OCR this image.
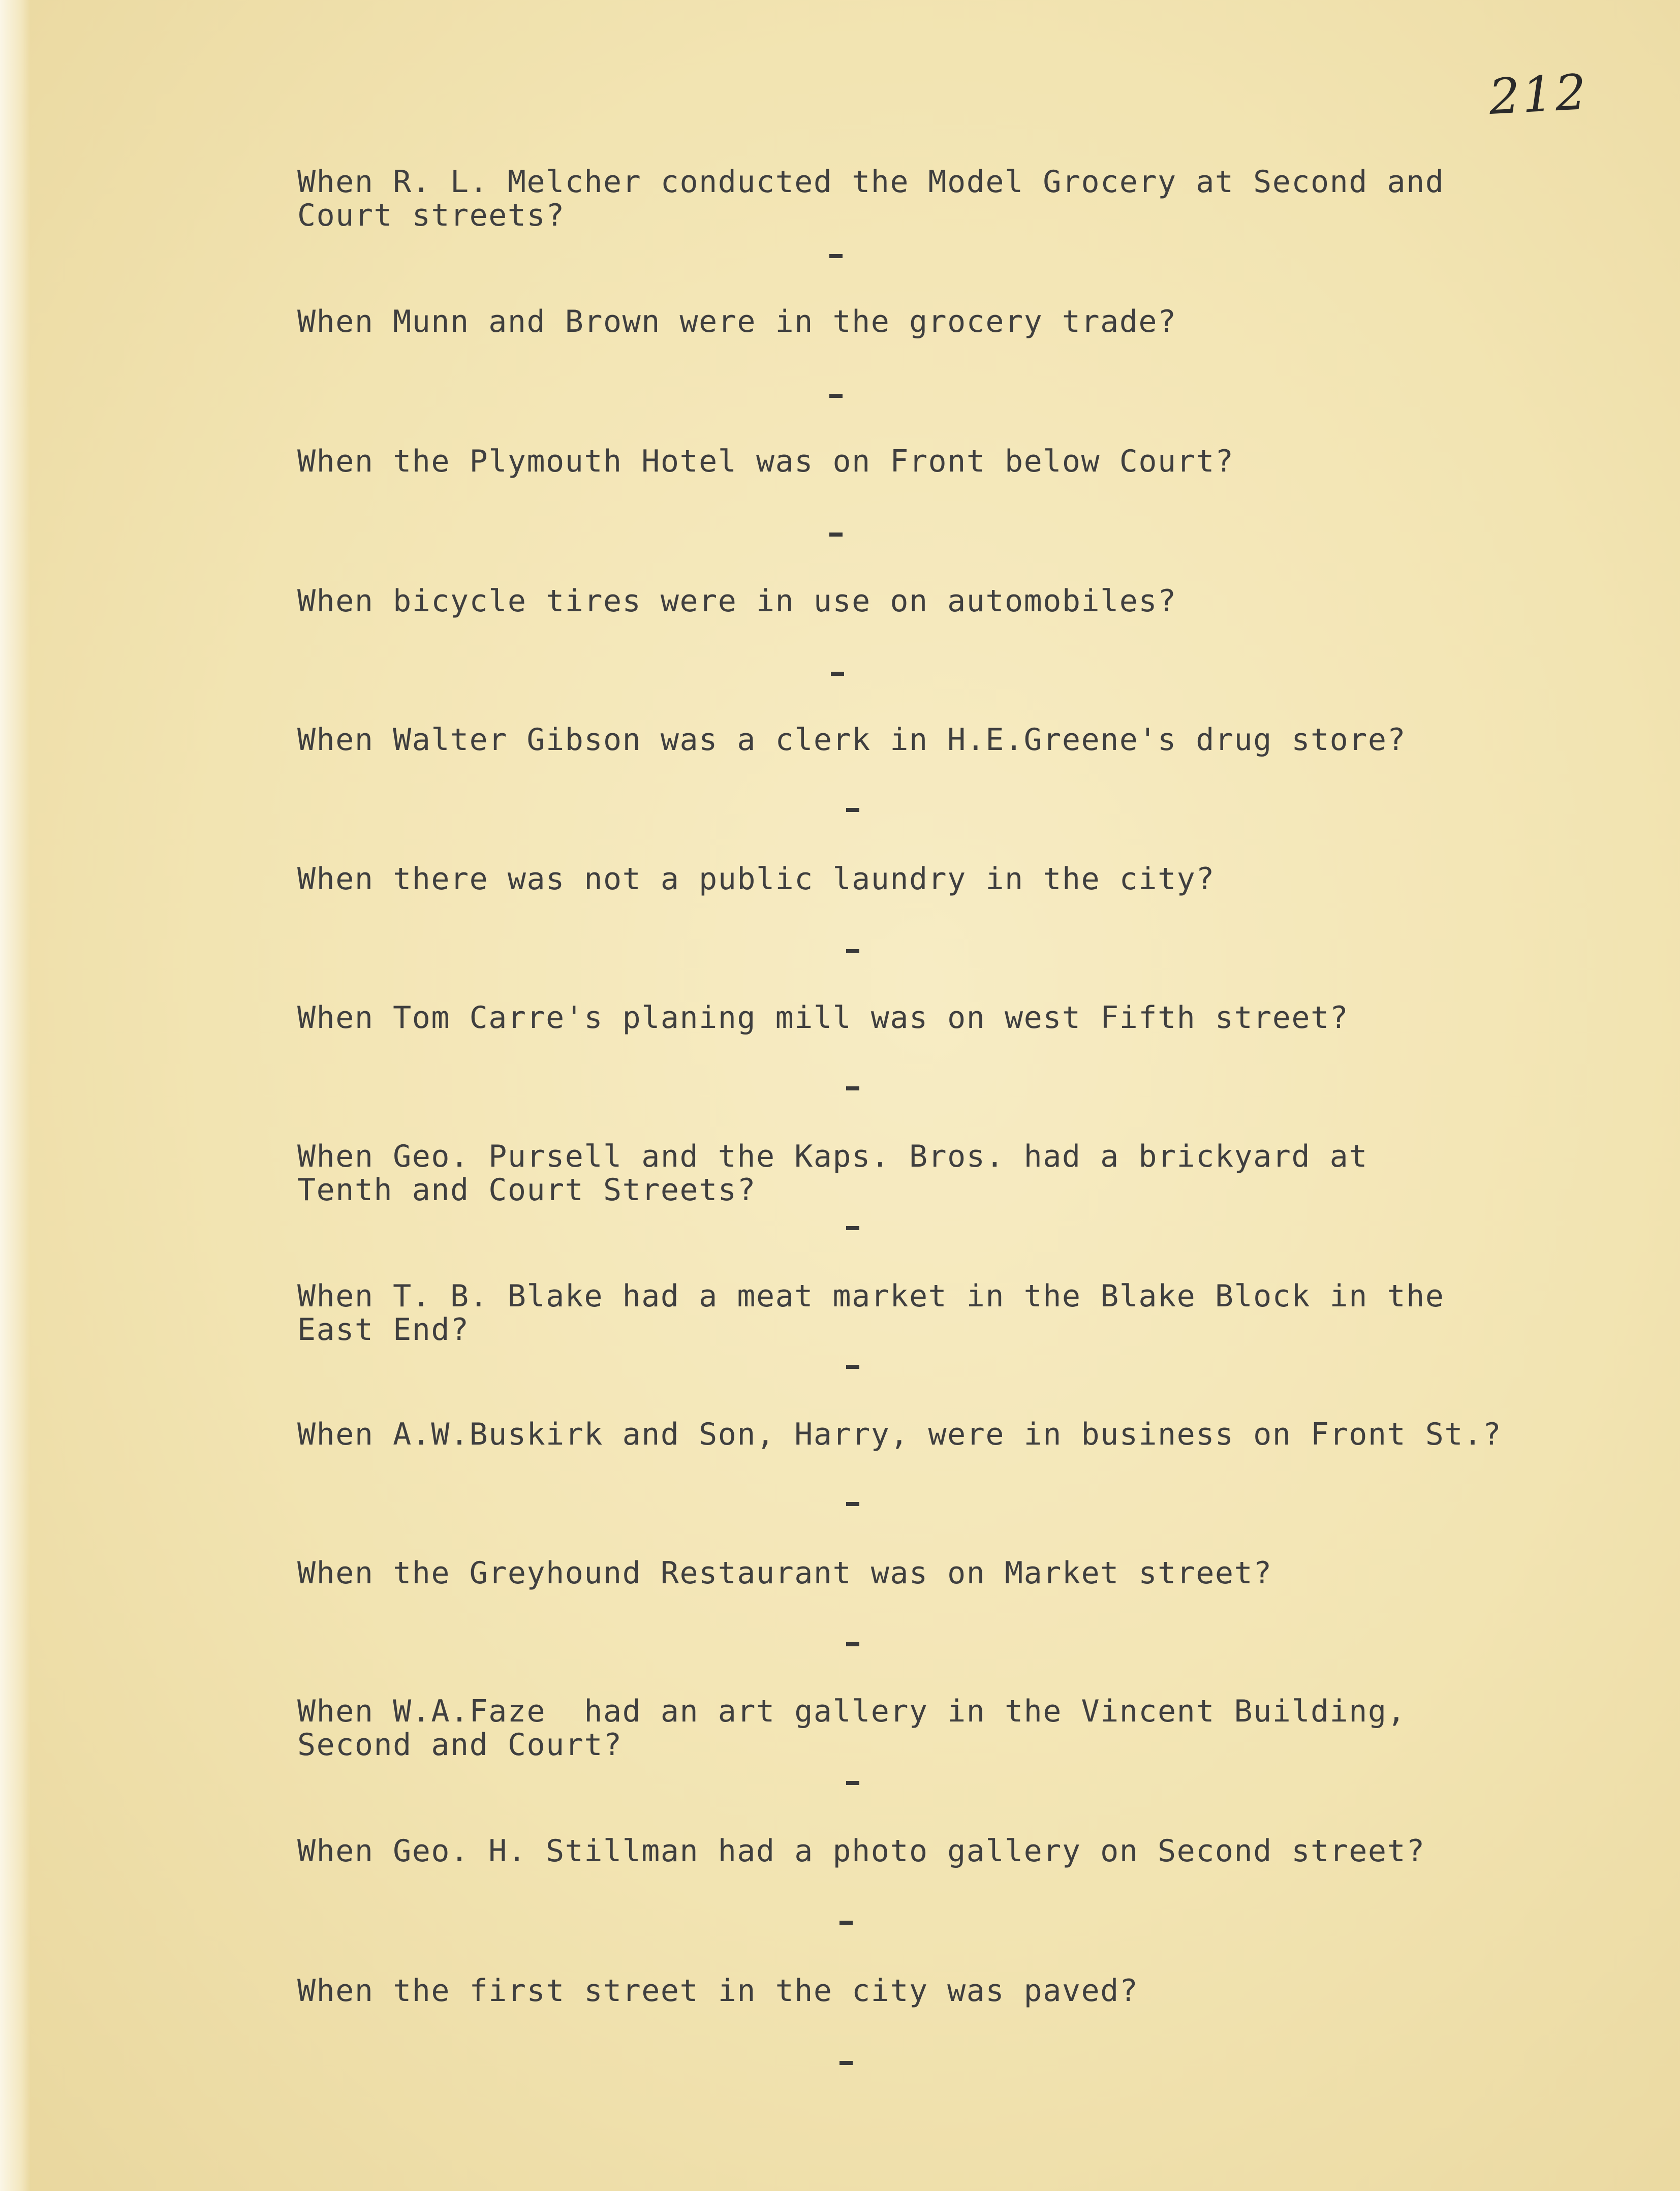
212
When R. L. Melcher conducted the Model Grocery at Second and
Court streets?
When Munn and Brown were in the grocery trade?
When the Plymouth Hotel was on Front below Court?
When bicycle tires were in use on automobiles?
When Walter Gibson was a clerk in H.E.Greene's drug store?
When there was not a public laundry in the city?
When Tom Carre's planing mill was on west Fifth street?
When Geo. Pursell and the Kaps. Bros. had a brickyard at
Tenth and Court Streets?
When T. B. Blake had a meat market in the Blake Block in the
East End?
When A.W.Buskirk and Son, Harry, were in business on Front St.?
When the Greyhound Restaurant was on Market street?
When W.A.Faze  had an art gallery in the Vincent Building,
Second and Court?
When Geo. H. Stillman had a photo gallery on Second street?
When the first street in the city was paved?
